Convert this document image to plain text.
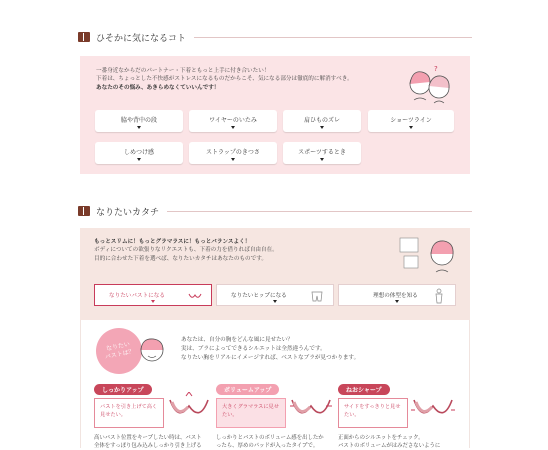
ひそかに気になるコト
一番身近なからだのパートナー・下着ともっと上手に付き合いたい！
下着は、ちょっとした不快感がストレスになるものだからこそ、気になる部分は徹底的に解消すべき。
あなたのその悩み、あきらめなくていいんです！
?
脇や背中の段	ワイヤーのいたみ	肩ひものズレ	ショーツライン
しめつけ感	ストラップのきつさ	スポーツするとき
なりたいカタチ
もっとスリムに！もっとグラマラスに！もっとバランスよく！
ボディについての欲張りなリクエストも、下着の力を借りれば自由自在。
目的に合わせた下着を選べば、なりたいカタチはあなたのものです。
なりたいバストになる	なりたいヒップになる	理想の体型を知る
なりたい
バストは？
あなたは、自分の胸をどんな風に見せたい？
実は、ブラによってできるシルエットは全然違うんです。
なりたい胸をリアルにイメージすれば、ベストなブラが見つかります。
しっかりアップ
バストを引き上げて高く見せたい。
高いバスト位置をキープしたい時は、バスト
全体をすっぽり包み込みしっかり引き上げる
ボリュームアップ
大きくグラマラスに見せたい。
しっかりとバストのボリューム感を出したか
ったら、厚めのパッドが入ったタイプで。
ねおシャープ
サイドをすっきりと見せたい。
正面からのシルエットをチェック。
バストのボリュームがはみださないように
